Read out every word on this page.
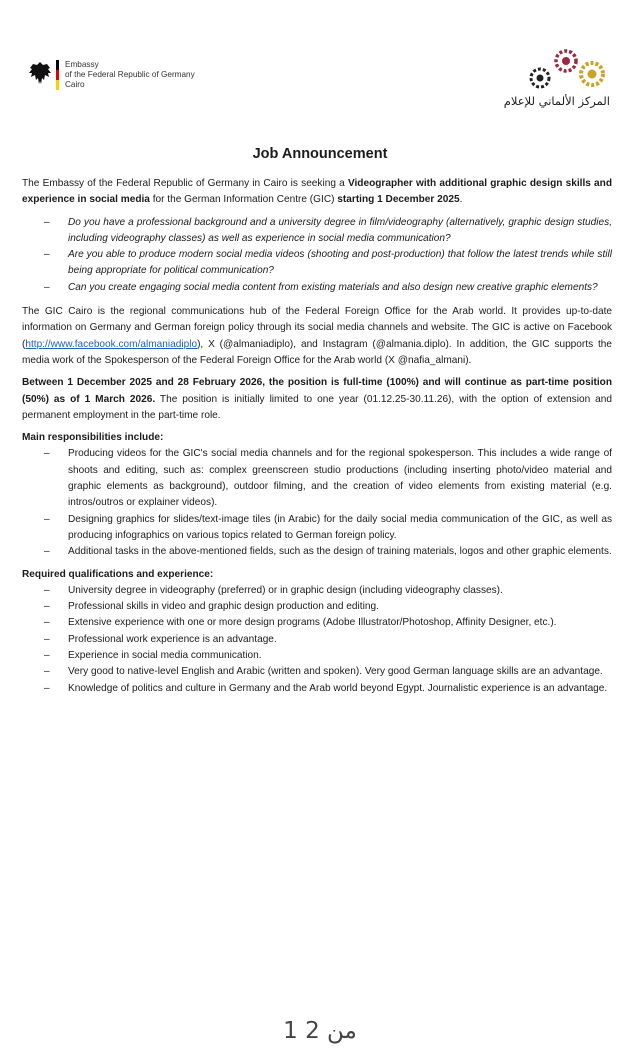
Embassy
of the Federal Republic of Germany
Cairo
المركز الألماني للإعلام
Job Announcement

The Embassy of the Federal Republic of Germany in Cairo is seeking a Videographer with additional graphic design skills and experience in social media for the German Information Centre (GIC) starting 1 December 2025.

– Do you have a professional background and a university degree in film/videography (alternatively, graphic design studies, including videography classes) as well as experience in social media communication?
– Are you able to produce modern social media videos (shooting and post-production) that follow the latest trends while still being appropriate for political communication?
– Can you create engaging social media content from existing materials and also design new creative graphic elements?

The GIC Cairo is the regional communications hub of the Federal Foreign Office for the Arab world. It provides up-to-date information on Germany and German foreign policy through its social media channels and website. The GIC is active on Facebook (http://www.facebook.com/almaniadiplo), X (@almaniadiplo), and Instagram (@almania.diplo). In addition, the GIC supports the media work of the Spokesperson of the Federal Foreign Office for the Arab world (X @nafia_almani).

Between 1 December 2025 and 28 February 2026, the position is full-time (100%) and will continue as part-time position (50%) as of 1 March 2026. The position is initially limited to one year (01.12.25-30.11.26), with the option of extension and permanent employment in the part-time role.

Main responsibilities include:
– Producing videos for the GIC's social media channels and for the regional spokesperson. This includes a wide range of shoots and editing, such as: complex greenscreen studio productions (including inserting photo/video material and graphic elements as background), outdoor filming, and the creation of video elements from existing material (e.g. intros/outros or explainer videos).
– Designing graphics for slides/text-image tiles (in Arabic) for the daily social media communication of the GIC, as well as producing infographics on various topics related to German foreign policy.
– Additional tasks in the above-mentioned fields, such as the design of training materials, logos and other graphic elements.
Required qualifications and experience:
– University degree in videography (preferred) or in graphic design (including videography classes).
– Professional skills in video and graphic design production and editing.
– Extensive experience with one or more design programs (Adobe Illustrator/Photoshop, Affinity Designer, etc.).
– Professional work experience is an advantage.
– Experience in social media communication.
– Very good to native-level English and Arabic (written and spoken). Very good German language skills are an advantage.
– Knowledge of politics and culture in Germany and the Arab world beyond Egypt. Journalistic experience is an advantage.
1 من 2
